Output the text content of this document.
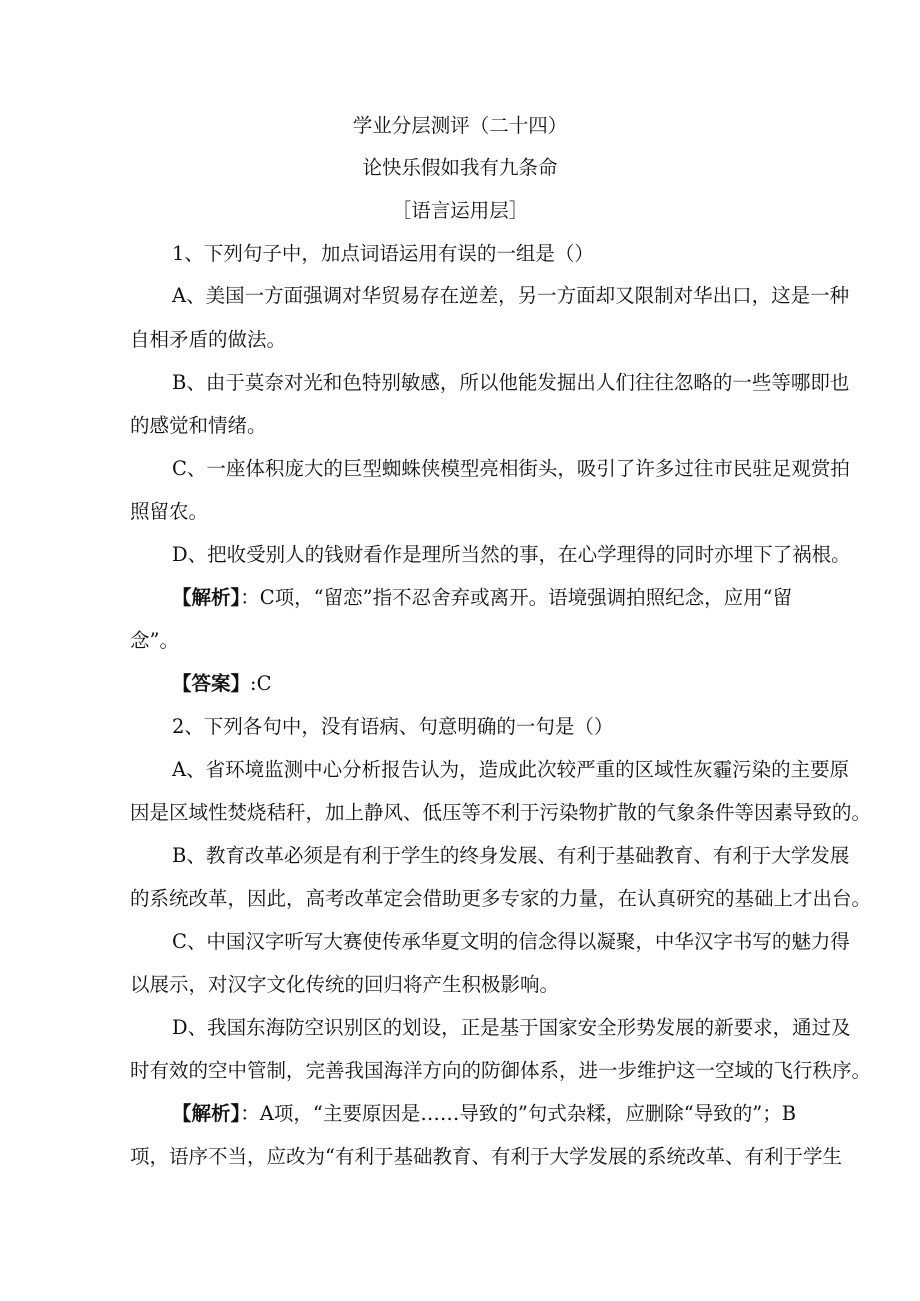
学业分层测评（二十四）

论快乐假如我有九条命

［语言运用层］

1、下列句子中，加点词语运用有误的一组是（）

A、美国一方面强调对华贸易存在逆差，另一方面却又限制对华出口，这是一种

自相矛盾的做法。

B、由于莫奈对光和色特别敏感，所以他能发掘出人们往往忽略的一些等哪即也

的感觉和情绪。

C、一座体积庞大的巨型蜘蛛侠模型亮相街头，吸引了许多过往市民驻足观赏拍

照留农。

D、把收受别人的钱财看作是理所当然的事，在心学理得的同时亦埋下了祸根。

【解析】：C项，“留恋”指不忍舍弃或离开。语境强调拍照纪念，应用“留

念”。

【答案】:C

2、下列各句中，没有语病、句意明确的一句是（）

A、省环境监测中心分析报告认为，造成此次较严重的区域性灰霾污染的主要原

因是区域性焚烧秸秆，加上静风、低压等不利于污染物扩散的气象条件等因素导致的。

B、教育改革必须是有利于学生的终身发展、有利于基础教育、有利于大学发展

的系统改革，因此，高考改革定会借助更多专家的力量，在认真研究的基础上才出台。

C、中国汉字听写大赛使传承华夏文明的信念得以凝聚，中华汉字书写的魅力得

以展示，对汉字文化传统的回归将产生积极影响。

D、我国东海防空识别区的划设，正是基于国家安全形势发展的新要求，通过及

时有效的空中管制，完善我国海洋方向的防御体系，进一步维护这一空域的飞行秩序。

【解析】：A项，“主要原因是……导致的”句式杂糅，应删除“导致的”；B

项，语序不当，应改为“有利于基础教育、有利于大学发展的系统改革、有利于学生
